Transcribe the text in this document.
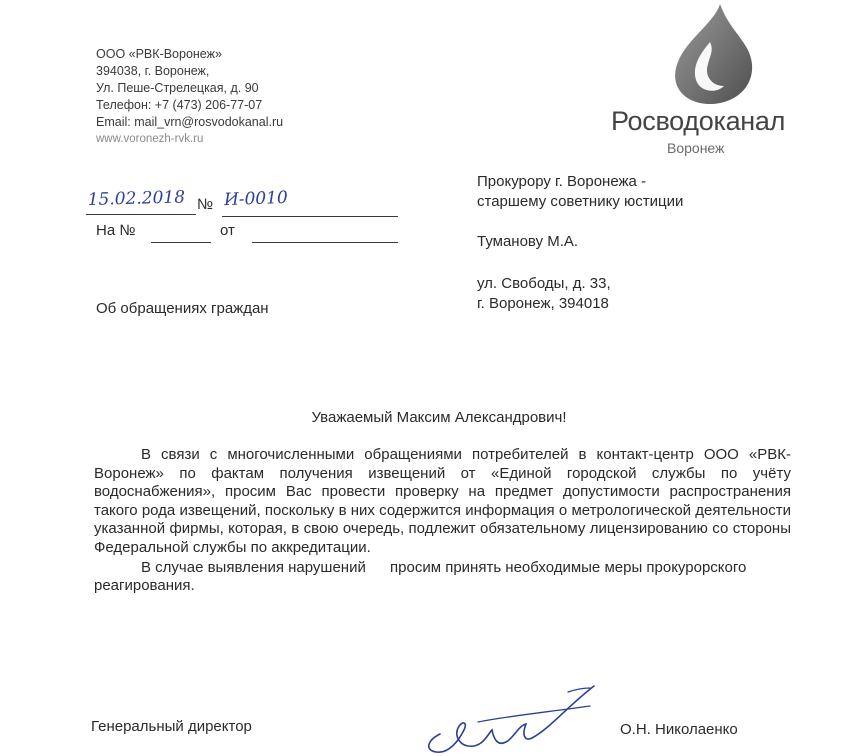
ООО «РВК-Воронеж»
394038, г. Воронеж,
Ул. Пеше-Стрелецкая, д. 90
Телефон: +7 (473) 206-77-07
Email: mail_vrn@rosvodokanal.ru
www.voronezh-rvk.ru
Росводоканал
Воронеж
15.02.2018 № И-0010
На №	от
Прокурору г. Воронежа -
старшему советнику юстиции
Туманову М.А.
ул. Свободы, д. 33,
г. Воронеж, 394018
Об обращениях граждан
Уважаемый Максим Александрович!

В связи с многочисленными обращениями потребителей в контакт-центр ООО «РВК-Воронеж» по фактам получения извещений от «Единой городской службы по учёту водоснабжения», просим Вас провести проверку на предмет допустимости распространения такого рода извещений, поскольку в них содержится информация о метрологической деятельности указанной фирмы, которая, в свою очередь, подлежит обязательному лицензированию со стороны Федеральной службы по аккредитации.

В случае выявления нарушений просим принять необходимые меры прокурорского реагирования.

Генеральный директор	О.Н. Николаенко
